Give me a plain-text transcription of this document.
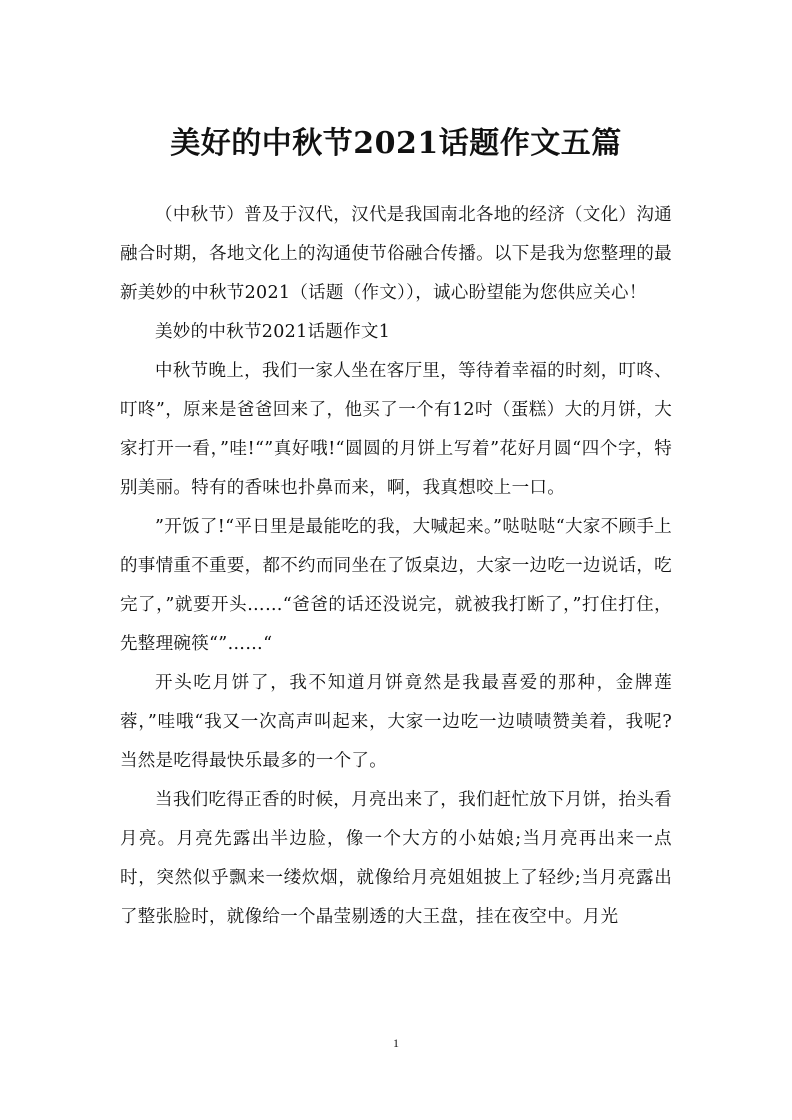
美好的中秋节2021话题作文五篇

（中秋节）普及于汉代，汉代是我国南北各地的经济（文化）沟通融合时期，各地文化上的沟通使节俗融合传播。以下是我为您整理的最新美妙的中秋节2021（话题（作文）），诚心盼望能为您供应关心！

美妙的中秋节2021话题作文1

中秋节晚上，我们一家人坐在客厅里，等待着幸福的时刻，叮咚、叮咚”，原来是爸爸回来了，他买了一个有12吋（蛋糕）大的月饼，大家打开一看，”哇!“”真好哦!“圆圆的月饼上写着”花好月圆“四个字，特别美丽。特有的香味也扑鼻而来，啊，我真想咬上一口。

”开饭了!“平日里是最能吃的我，大喊起来。”哒哒哒“大家不顾手上的事情重不重要，都不约而同坐在了饭桌边，大家一边吃一边说话，吃完了，”就要开头……“爸爸的话还没说完，就被我打断了，”打住打住，先整理碗筷“”……“

开头吃月饼了，我不知道月饼竟然是我最喜爱的那种，金牌莲蓉，”哇哦“我又一次高声叫起来，大家一边吃一边啧啧赞美着，我呢?当然是吃得最快乐最多的一个了。

当我们吃得正香的时候，月亮出来了，我们赶忙放下月饼，抬头看月亮。月亮先露出半边脸，像一个大方的小姑娘;当月亮再出来一点时，突然似乎飘来一缕炊烟，就像给月亮姐姐披上了轻纱;当月亮露出了整张脸时，就像给一个晶莹剔透的大王盘，挂在夜空中。月光

1
